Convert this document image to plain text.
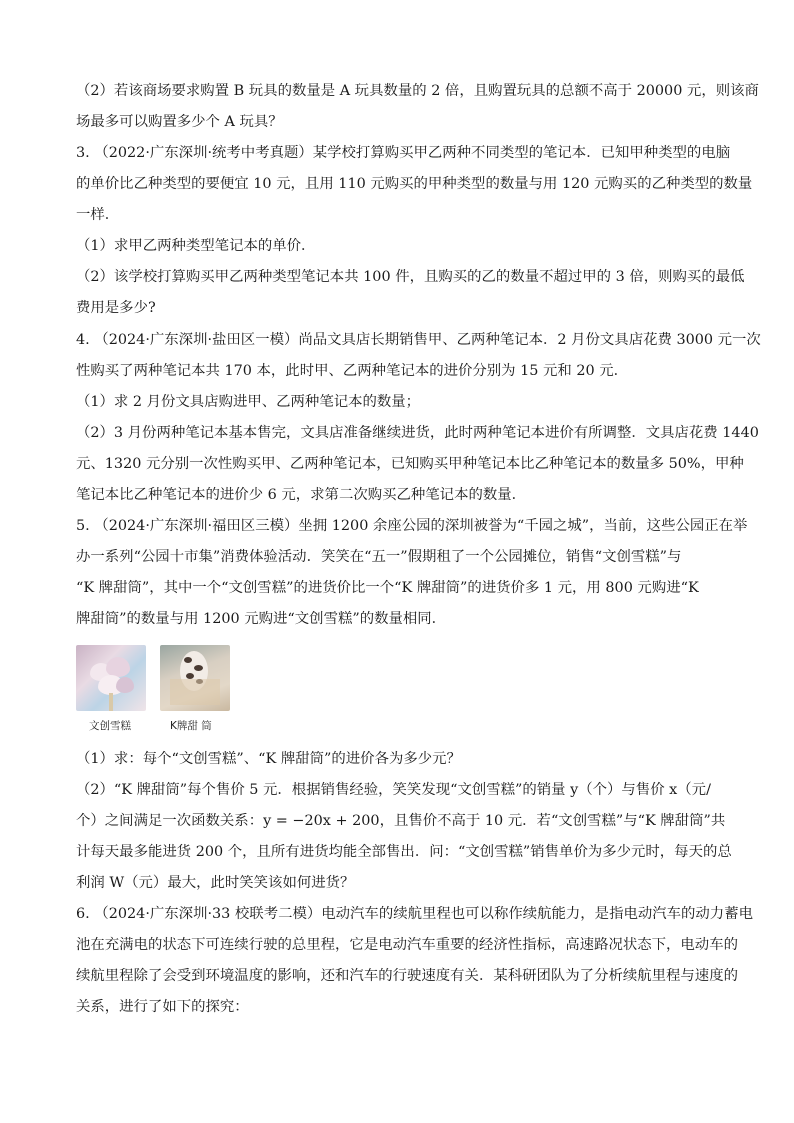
（2）若该商场要求购置 B 玩具的数量是 A 玩具数量的 2 倍，且购置玩具的总额不高于 20000 元，则该商

场最多可以购置多少个 A 玩具？

3. （2022·广东深圳·统考中考真题）某学校打算购买甲乙两种不同类型的笔记本．已知甲种类型的电脑

的单价比乙种类型的要便宜 10 元，且用 110 元购买的甲种类型的数量与用 120 元购买的乙种类型的数量

一样．

（1）求甲乙两种类型笔记本的单价．

（2）该学校打算购买甲乙两种类型笔记本共 100 件，且购买的乙的数量不超过甲的 3 倍，则购买的最低

费用是多少?

4. （2024·广东深圳·盐田区一模）尚品文具店长期销售甲、乙两种笔记本．2 月份文具店花费 3000 元一次

性购买了两种笔记本共 170 本，此时甲、乙两种笔记本的进价分别为 15 元和 20 元．

（1）求 2 月份文具店购进甲、乙两种笔记本的数量；

（2）3 月份两种笔记本基本售完，文具店准备继续进货，此时两种笔记本进价有所调整．文具店花费 1440

元、1320 元分别一次性购买甲、乙两种笔记本，已知购买甲种笔记本比乙种笔记本的数量多 50%，甲种

笔记本比乙种笔记本的进价少 6 元，求第二次购买乙种笔记本的数量．

5. （2024·广东深圳·福田区三模）坐拥 1200 余座公园的深圳被誉为“千园之城”，当前，这些公园正在举

办一系列“公园十市集”消费体验活动．笑笑在“五一”假期租了一个公园摊位，销售“文创雪糕”与

“K 牌甜筒”，其中一个“文创雪糕”的进货价比一个“K 牌甜筒”的进货价多 1 元，用 800 元购进“K

牌甜筒”的数量与用 1200 元购进“文创雪糕”的数量相同．

文创雪糕	K牌甜 筒

（1）求：每个“文创雪糕”、“K 牌甜筒”的进价各为多少元？

（2）“K 牌甜筒”每个售价 5 元．根据销售经验，笑笑发现“文创雪糕”的销量 y（个）与售价 x（元/

个）之间满足一次函数关系：y = −20x + 200，且售价不高于 10 元．若“文创雪糕”与“K 牌甜筒”共

计每天最多能进货 200 个，且所有进货均能全部售出．问：“文创雪糕”销售单价为多少元时，每天的总

利润 W（元）最大，此时笑笑该如何进货？

6. （2024·广东深圳·33 校联考二模）电动汽车的续航里程也可以称作续航能力，是指电动汽车的动力蓄电

池在充满电的状态下可连续行驶的总里程，它是电动汽车重要的经济性指标，高速路况状态下，电动车的

续航里程除了会受到环境温度的影响，还和汽车的行驶速度有关．某科研团队为了分析续航里程与速度的

关系，进行了如下的探究：
